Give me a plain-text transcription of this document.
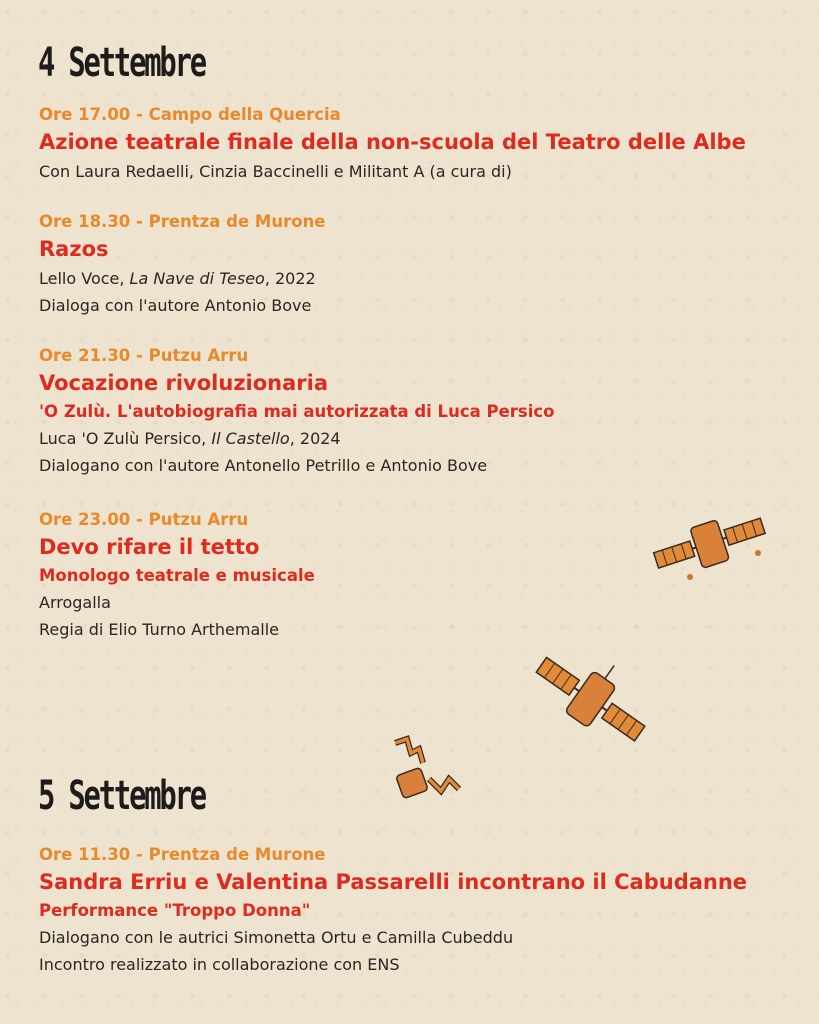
4 Settembre
Ore 17.00 - Campo della Quercia
Azione teatrale finale della non-scuola del Teatro delle Albe
Con Laura Redaelli, Cinzia Baccinelli e Militant A (a cura di)
Ore 18.30 - Prentza de Murone
Razos
Lello Voce, La Nave di Teseo, 2022
Dialoga con l'autore Antonio Bove
Ore 21.30 - Putzu Arru
Vocazione rivoluzionaria
'O Zulù. L'autobiografia mai autorizzata di Luca Persico
Luca 'O Zulù Persico, Il Castello, 2024
Dialogano con l'autore Antonello Petrillo e Antonio Bove
Ore 23.00 - Putzu Arru
Devo rifare il tetto
Monologo teatrale e musicale
Arrogalla
Regia di Elio Turno Arthemalle
5 Settembre
Ore 11.30 - Prentza de Murone
Sandra Erriu e Valentina Passarelli incontrano il Cabudanne
Performance "Troppo Donna"
Dialogano con le autrici Simonetta Ortu e Camilla Cubeddu
Incontro realizzato in collaborazione con ENS
